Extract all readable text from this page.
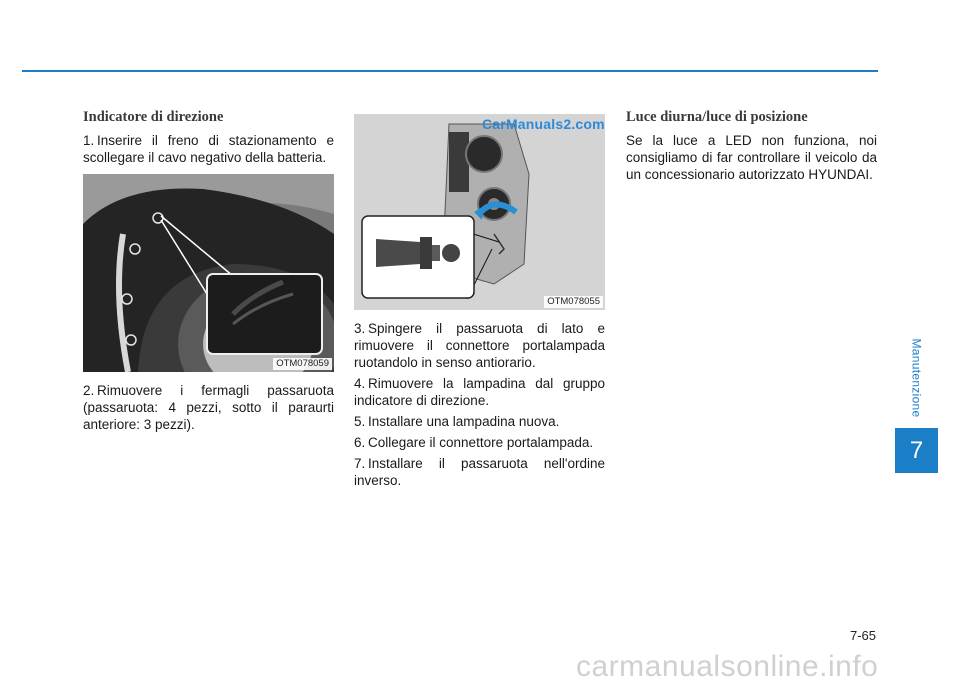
Indicatore di direzione
1. Inserire il freno di stazionamento e scollegare il cavo negativo della batteria.
OTM078059
2. Rimuovere i fermagli passaruota (passaruota: 4 pezzi, sotto il paraurti anteriore: 3 pezzi).
CarManuals2.com
OTM078055
3. Spingere il passaruota di lato e rimuovere il connettore portalampada ruotandolo in senso antiorario.
4. Rimuovere la lampadina dal gruppo indicatore di direzione.
5. Installare una lampadina nuova.
6. Collegare il connettore portalampada.
7. Installare il passaruota nell'ordine inverso.
Luce diurna/luce di posizione

Se la luce a LED non funziona, noi consigliamo di far controllare il veicolo da un concessionario autorizzato HYUNDAI.

Manutenzione
7
7-65
carmanualsonline.info
